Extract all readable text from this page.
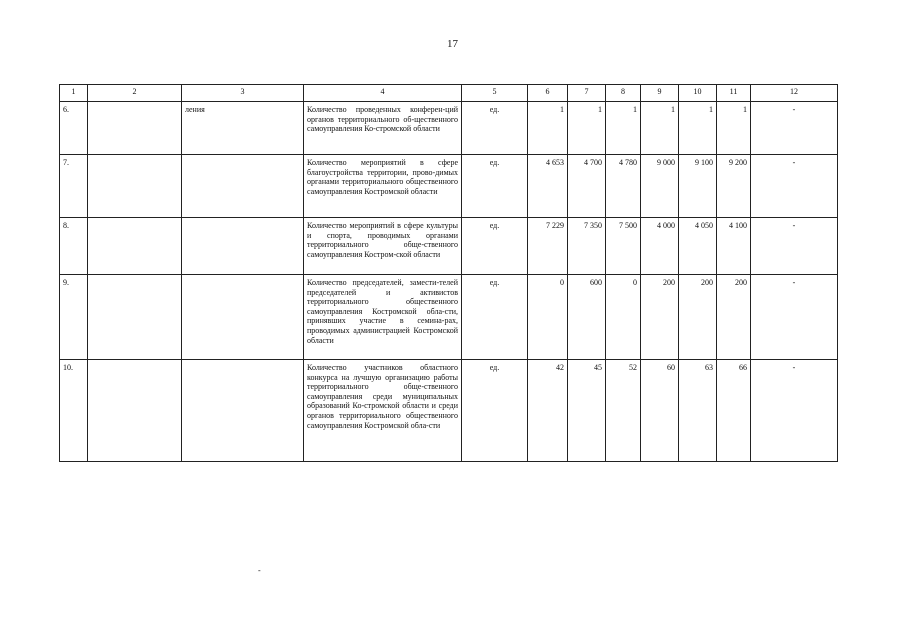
17
1	2	3	4	5	6	7	8	9	10	11	12
6.		ления	Количество проведенных конферен-ций органов территориального об-щественного самоуправления Ко-стромской области	ед.	1	1	1	1	1	1	-
7.			Количество мероприятий в сфере благоустройства территории, прово-димых органами территориального общественного самоуправления Костромской области	ед.	4 653	4 700	4 780	9 000	9 100	9 200	-
8.			Количество мероприятий в сфере культуры и спорта, проводимых органами территориального обще-ственного самоуправления Костром-ской области	ед.	7 229	7 350	7 500	4 000	4 050	4 100	-
9.			Количество председателей, замести-телей председателей и активистов территориального общественного самоуправления Костромской обла-сти, принявших участие в семина-рах, проводимых администрацией Костромской области	ед.	0	600	0	200	200	200	-
10.			Количество участников областного конкурса на лучшую организацию работы территориального обще-ственного самоуправления среди муниципальных образований Ко-стромской области и среди органов территориального общественного самоуправления Костромской обла-сти	ед.	42	45	52	60	63	66	-
-
